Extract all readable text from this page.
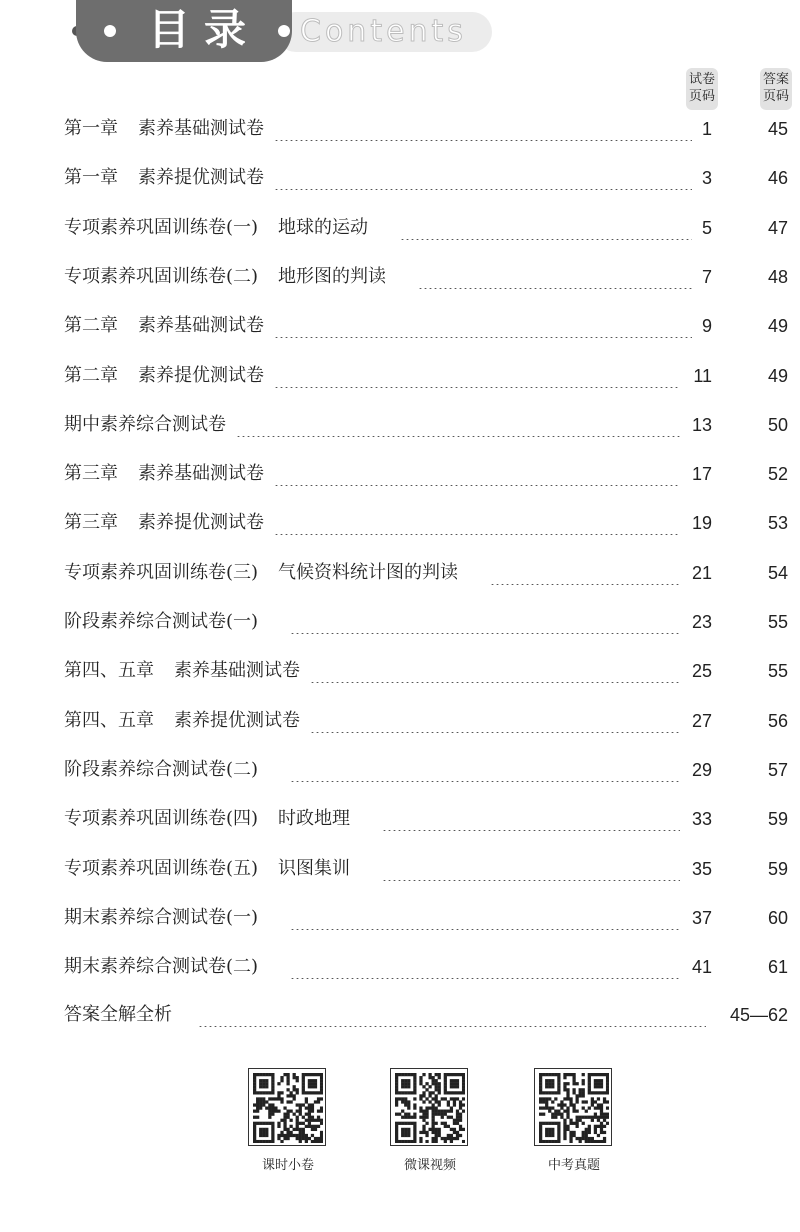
目录	Contents
试卷页码
答案页码
第一章 素养基础测试卷	1	45
第一章 素养提优测试卷	3	46
专项素养巩固训练卷(一) 地球的运动	5	47
专项素养巩固训练卷(二) 地形图的判读	7	48
第二章 素养基础测试卷	9	49
第二章 素养提优测试卷	11	49
期中素养综合测试卷	13	50
第三章 素养基础测试卷	17	52
第三章 素养提优测试卷	19	53
专项素养巩固训练卷(三) 气候资料统计图的判读	21	54
阶段素养综合测试卷(一)	23	55
第四、五章 素养基础测试卷	25	55
第四、五章 素养提优测试卷	27	56
阶段素养综合测试卷(二)	29	57
专项素养巩固训练卷(四) 时政地理	33	59
专项素养巩固训练卷(五) 识图集训	35	59
期末素养综合测试卷(一)	37	60
期末素养综合测试卷(二)	41	61
答案全解全析	45—62
课时小卷	微课视频	中考真题
